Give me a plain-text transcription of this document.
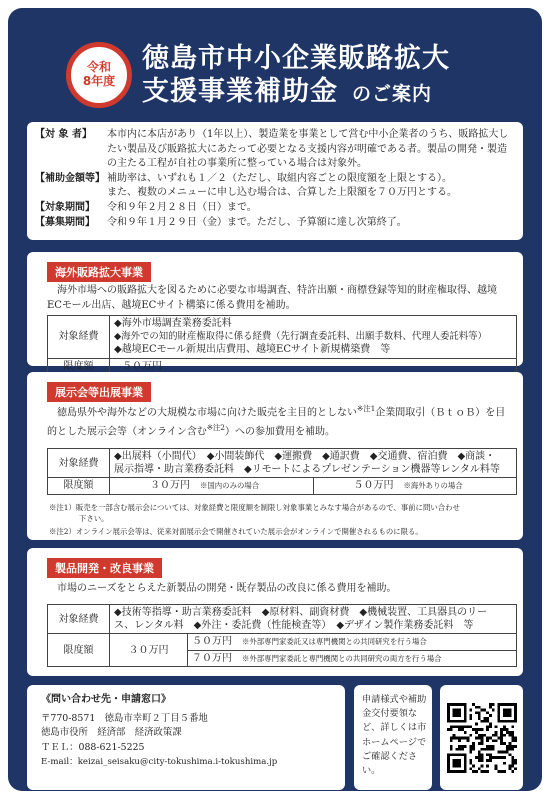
令和
8年度
徳島市中小企業販路拡大
支援事業補助金 のご案内
【対 象 者】	本市内に本店があり（1年以上）、製造業を事業として営む中小企業者のうち、販路拡大したい製品及び販路拡大にあたって必要となる支援内容が明確である者。製品の開発・製造の主たる工程が自社の事業所に整っている場合は対象外。
【補助金額等】 補助率は、いずれも１／２（ただし、取組内容ごとの限度額を上限とする）。
また、複数のメニューに申し込む場合は、合算した上限額を７０万円とする。
【対象期間】	令和９年２月２８日（日）まで。
【募集期間】	令和９年１月２９日（金）まで。ただし、予算額に達し次第終了。
海外販路拡大事業
海外市場への販路拡大を図るために必要な市場調査、特許出願・商標登録等知的財産権取得、越境ECモール出店、越境ECサイト構築に係る費用を補助。
対象経費	◆海外市場調査業務委託料
◆海外での知的財産権取得に係る経費（先行調査委託料、出願手数料、代理人委託料等）
◆越境ECモール新規出店費用、越境ECサイト新規構築費　等

限度額	５０万円
展示会等出展事業
徳島県外や海外などの大規模な市場に向けた販売を主目的としない$^{※注1}$企業間取引（ＢｔｏＢ）を目的とした展示会等（オンライン含む$^{※注2}$）への参加費用を補助。
対象経費	◆出展料（小間代）　◆小間装飾代　◆運搬費　◆通訳費　◆交通費、宿泊費　◆商談・
展示指導・助言業務委託料　◆リモートによるプレゼンテーション機器等レンタル料等	

限度額	３０万円　 ※国内のみの場合	５０万円　 ※海外ありの場合
※注1）販売を一部含む展示会については、対象経費と限度額を制限し対象事業とみなす場合があるので、事前に問い合わせ
下さい。
※注2）オンライン展示会等は、従来対面展示会で開催されていた展示会がオンラインで開催されるものに限る。
製品開発・改良事業
市場のニーズをとらえた新製品の開発・既存製品の改良に係る費用を補助。
対象経費	◆技術等指導・助言業務委託料　◆原材料、副資材費　◆機械装置、工具器具のリー
ス、レンタル料　◆外注・委託費（性能検査等）　◆デザイン製作業務委託料　等	

限度額	３０万円	５０万円　 ※外部専門家委託又は専門機関との共同研究を行う場合
		７０万円　 ※外部専門家委託と専門機関との共同研究の両方を行う場合
《問い合わせ先・申請窓口》
〒770-8571　徳島市幸町２丁目５番地
徳島市役所　経済部　経済政策課
ＴＥＬ：088-621-5225
E-mail：keizai_seisaku@city-tokushima.i-tokushima.jp
申請様式や補助金交付要領など、詳しくは市ホームページでご確認ください。
